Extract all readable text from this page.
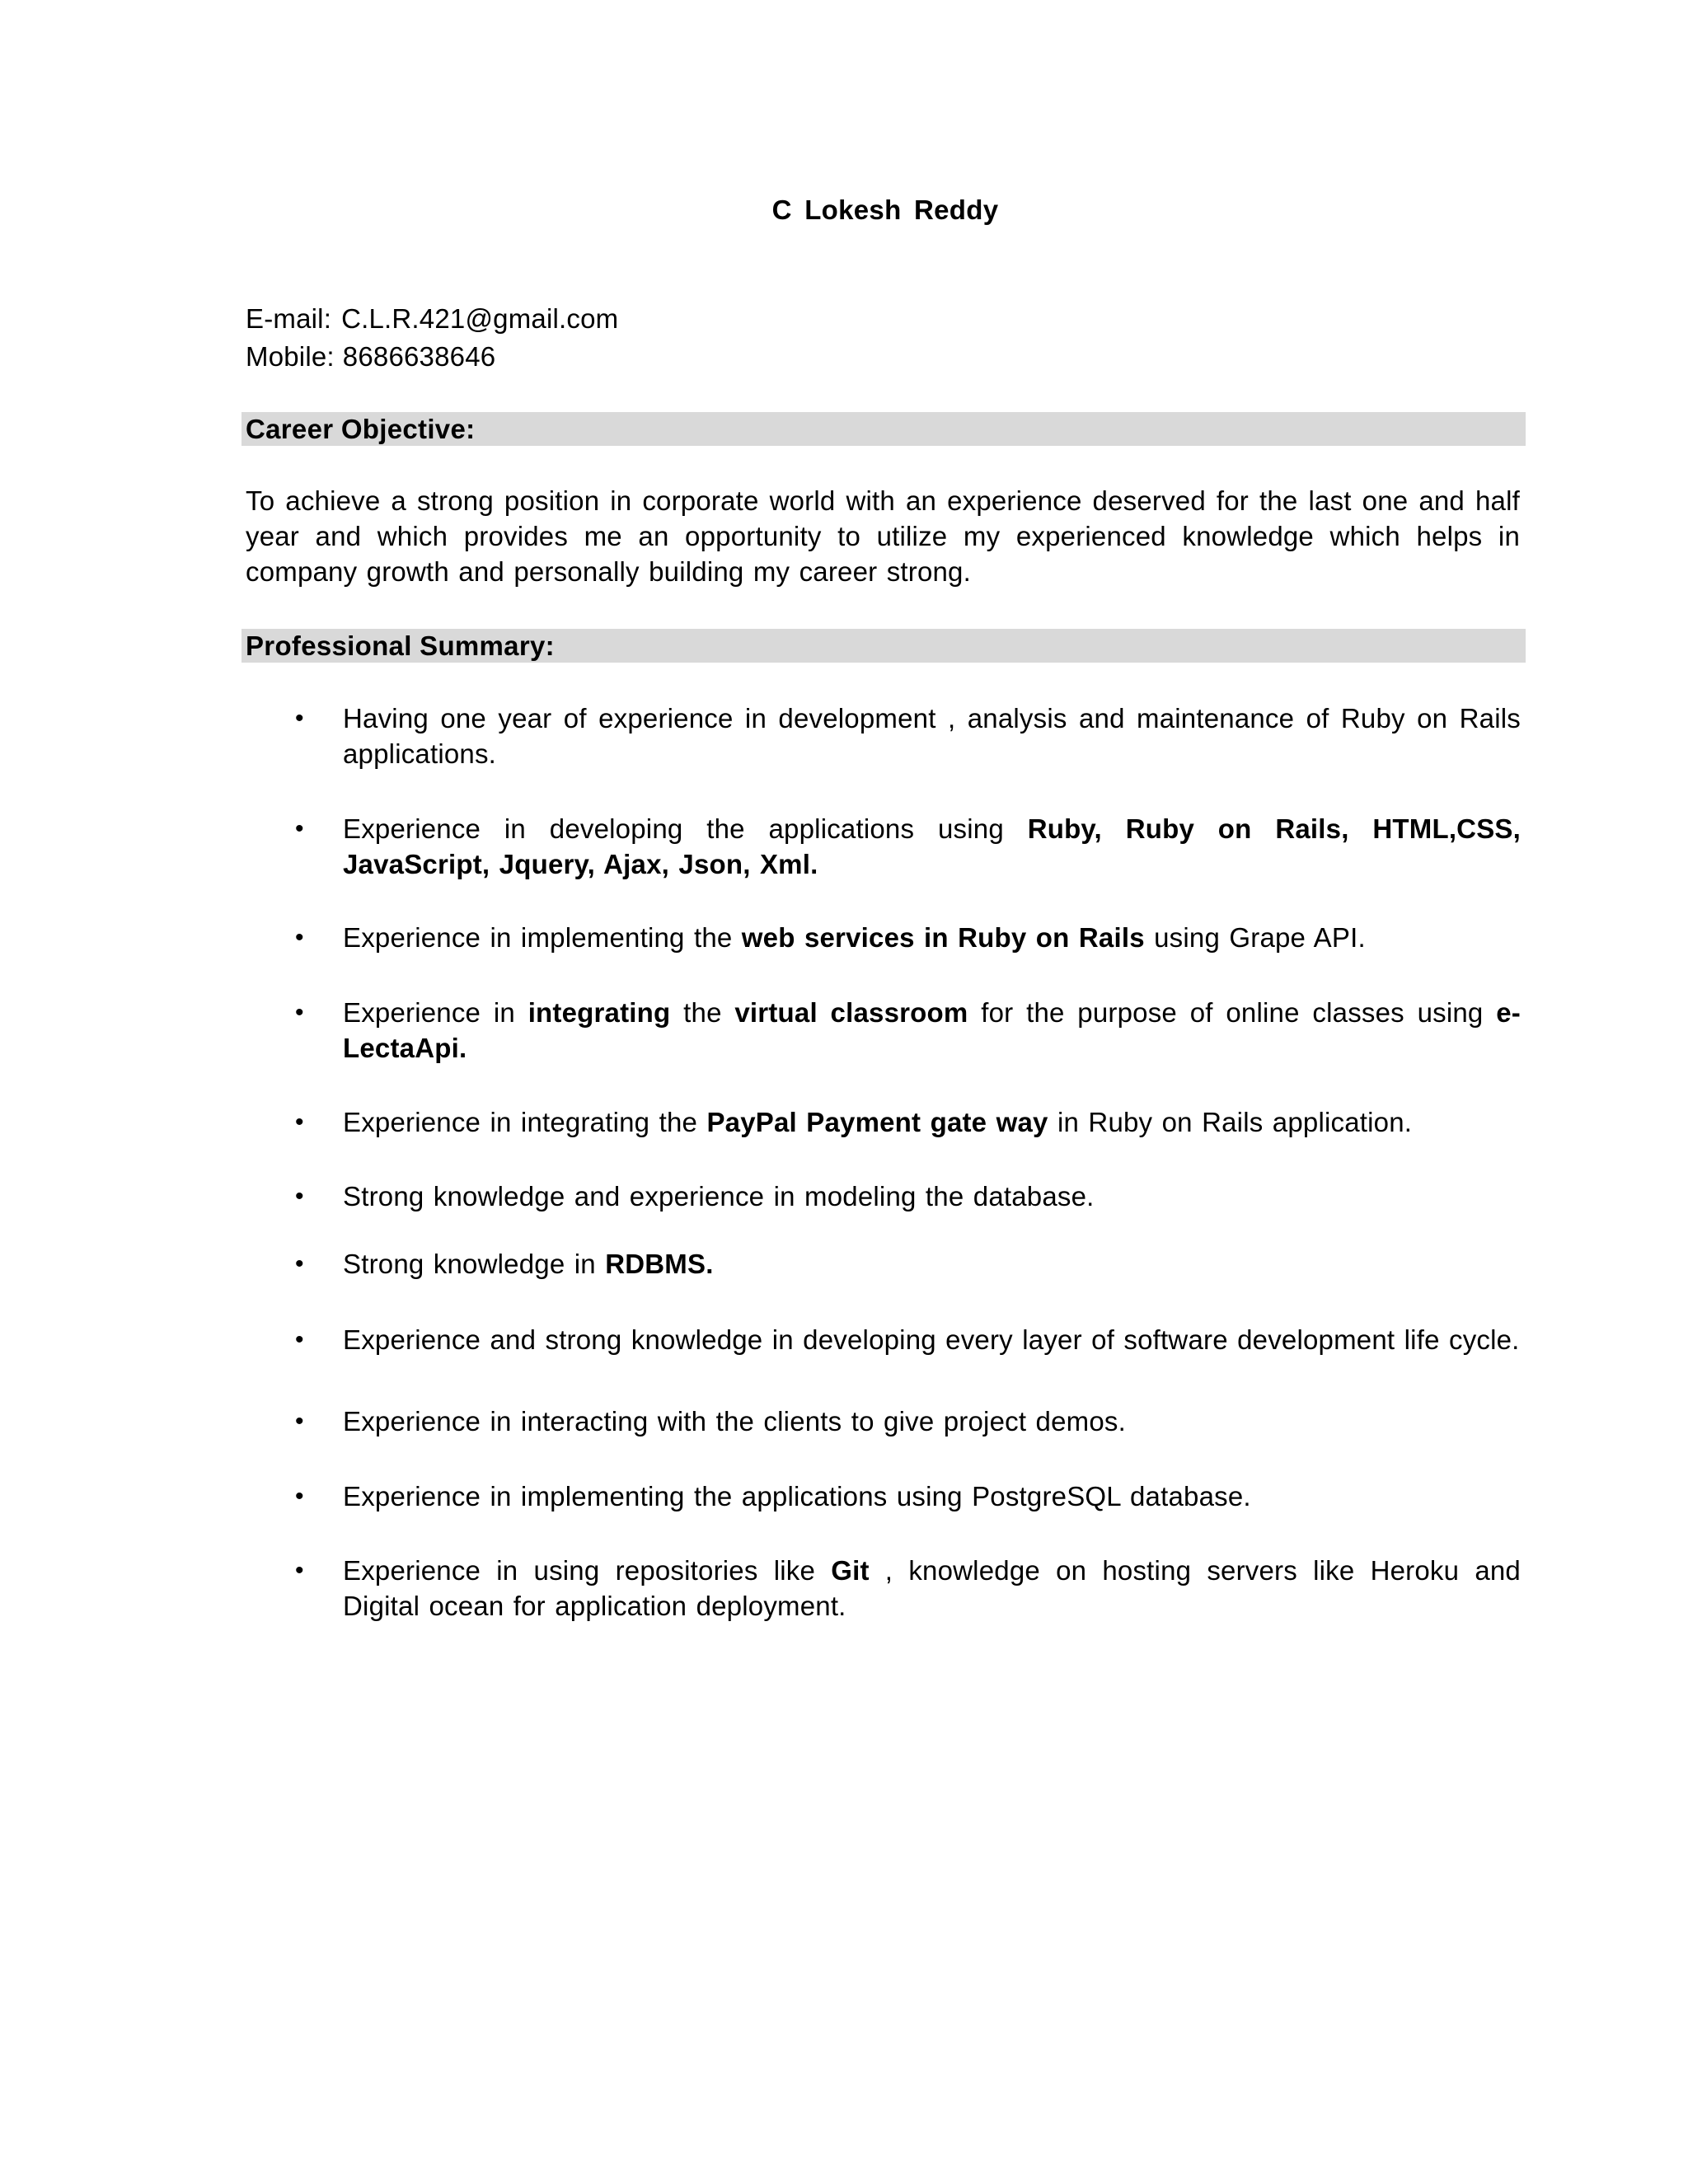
C Lokesh Reddy
E-mail: C.L.R.421@gmail.com
Mobile: 8686638646
Career Objective:
To achieve a strong position in corporate world with an experience deserved for the last one and half year and which provides me an opportunity to utilize my experienced knowledge which helps in company growth and personally building my career strong.
Professional Summary:
•	Having one year of experience in development , analysis and maintenance of Ruby on Rails applications.
•	Experience in developing the applications using Ruby, Ruby on Rails, HTML,CSS, JavaScript, Jquery, Ajax, Json, Xml.
•	Experience in implementing the web services in Ruby on Rails using Grape API.
•	Experience in integrating the virtual classroom for the purpose of online classes using e-LectaApi.
•	Experience in integrating the PayPal Payment gate way in Ruby on Rails application.
•	Strong knowledge and experience in modeling the database.
•	Strong knowledge in RDBMS.
•	Experience and strong knowledge in developing every layer of software development life cycle.
•	Experience in interacting with the clients to give project demos.
•	Experience in implementing the applications using PostgreSQL database.
•	Experience in using repositories like Git , knowledge on hosting servers like Heroku and Digital ocean for application deployment.
